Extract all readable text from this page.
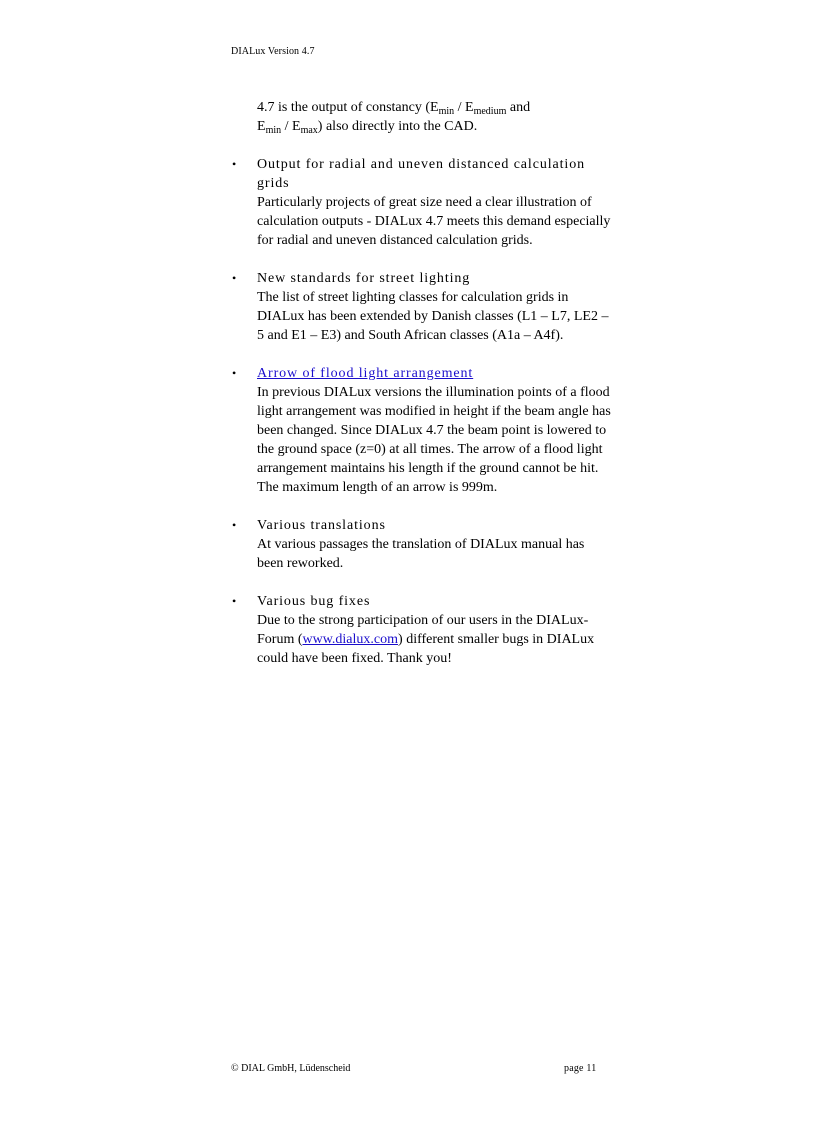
DIALux Version 4.7

4.7 is the output of constancy ($E_{min} / E_{medium}$ and

$E_{min} / E_{max}$) also directly into the CAD.

• Output for radial and uneven distanced calculation grids
Particularly projects of great size need a clear illustration of calculation outputs - DIALux 4.7 meets this demand especially for radial and uneven distanced calculation grids.
• New standards for street lighting
The list of street lighting classes for calculation grids in DIALux has been extended by Danish classes (L1 – L7, LE2 – 5 and E1 – E3) and South African classes (A1a – A4f).
• Arrow of flood light arrangement
In previous DIALux versions the illumination points of a flood light arrangement was modified in height if the beam angle has been changed. Since DIALux 4.7 the beam point is lowered to the ground space (z=0) at all times. The arrow of a flood light arrangement maintains his length if the ground cannot be hit. The maximum length of an arrow is 999m.
• Various translations
At various passages the translation of DIALux manual has been reworked.
• Various bug fixes
Due to the strong participation of our users in the DIALux-Forum (www.dialux.com) different smaller bugs in DIALux could have been fixed. Thank you!
© DIAL GmbH, Lüdenscheid	page 11
